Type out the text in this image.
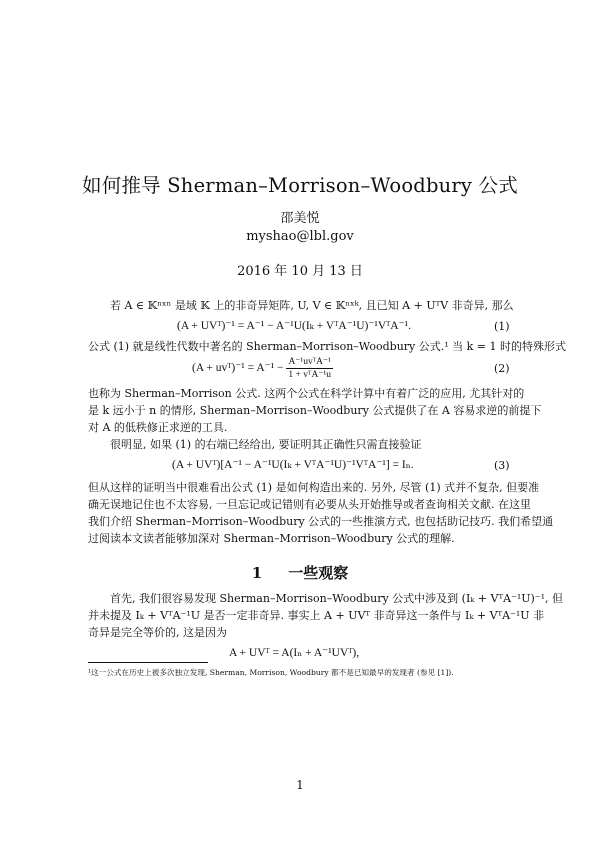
如何推导 Sherman–Morrison–Woodbury 公式
邵美悦
myshao@lbl.gov
2016 年 10 月 13 日
若 A ∈ 𝕂ⁿˣⁿ 是域 𝕂 上的非奇异矩阵, U, V ∈ 𝕂ⁿˣᵏ, 且已知 A + UᵀV 非奇异, 那么
(A + UVᵀ)⁻¹ = A⁻¹ − A⁻¹U(Iₖ + VᵀA⁻¹U)⁻¹VᵀA⁻¹.	(1)
公式 (1) 就是线性代数中著名的 Sherman–Morrison–Woodbury 公式.¹ 当 k = 1 时的特殊形式
(A + uvᵀ)⁻¹ = $A^{-1} - \frac{\text{A⁻¹uvᵀA⁻¹}}{\text{1 + vᵀA⁻¹u}}$	(2)
也称为 Sherman–Morrison 公式. 这两个公式在科学计算中有着广泛的应用, 尤其针对的
是 k 远小于 n 的情形, Sherman–Morrison–Woodbury 公式提供了在 A 容易求逆的前提下
对 A 的低秩修正求逆的工具.
很明显, 如果 (1) 的右端已经给出, 要证明其正确性只需直接验证
(A + UVᵀ)[A⁻¹ − A⁻¹U(Iₖ + VᵀA⁻¹U)⁻¹VᵀA⁻¹] = Iₙ.	(3)
但从这样的证明当中很难看出公式 (1) 是如何构造出来的. 另外, 尽管 (1) 式并不复杂, 但要准
确无误地记住也不太容易, 一旦忘记或记错则有必要从头开始推导或者查询相关文献. 在这里
我们介绍 Sherman–Morrison–Woodbury 公式的一些推演方式, 也包括助记技巧. 我们希望通
过阅读本文读者能够加深对 Sherman–Morrison–Woodbury 公式的理解.
1 一些观察
首先, 我们很容易发现 Sherman–Morrison–Woodbury 公式中涉及到 (Iₖ + VᵀA⁻¹U)⁻¹, 但
并未提及 Iₖ + VᵀA⁻¹U 是否一定非奇异. 事实上 A + UVᵀ 非奇异这一条件与 Iₖ + VᵀA⁻¹U 非
奇异是完全等价的, 这是因为
A + UVᵀ = A(Iₙ + A⁻¹UVᵀ),
¹这一公式在历史上被多次独立发现, Sherman, Morrison, Woodbury 都不是已知最早的发现者 (参见 [1]).
1
